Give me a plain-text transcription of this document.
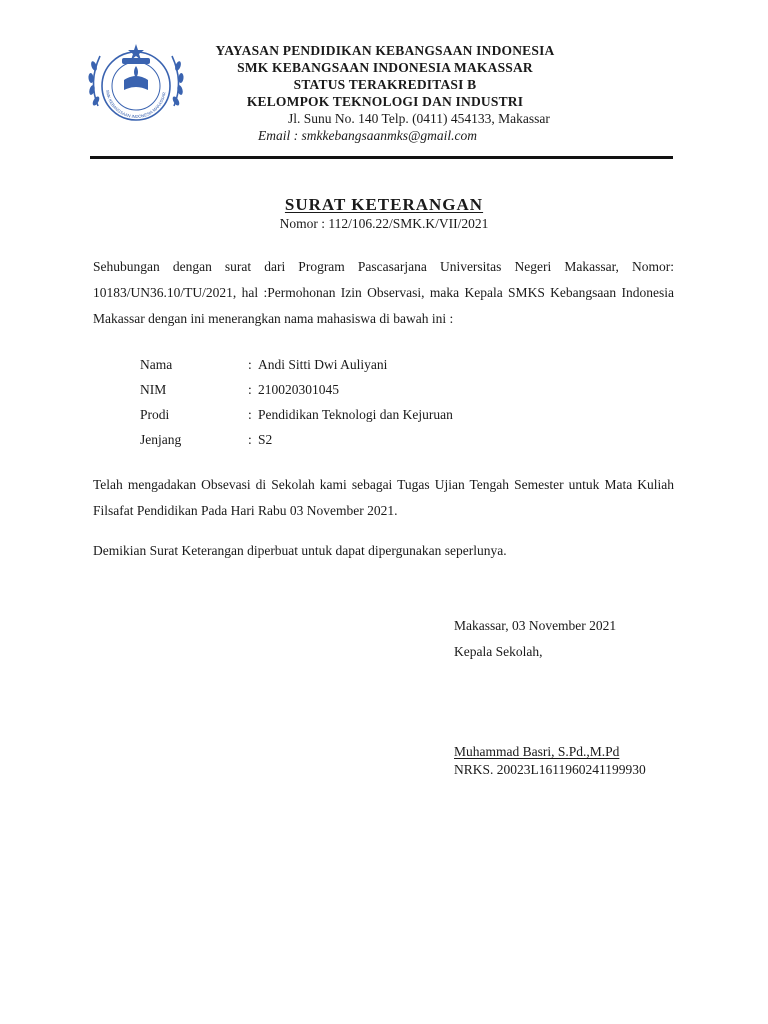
SMK KEBANGSAAN INDONESIA MAKASSAR
YAYASAN PENDIDIKAN KEBANGSAAN INDONESIA
SMK KEBANGSAAN INDONESIA MAKASSAR
STATUS TERAKREDITASI B
KELOMPOK TEKNOLOGI DAN INDUSTRI
Jl. Sunu No. 140 Telp. (0411) 454133, Makassar
Email : smkkebangsaanmks@gmail.com
SURAT KETERANGAN
Nomor : 112/106.22/SMK.K/VII/2021
Sehubungan dengan surat dari Program Pascasarjana Universitas Negeri Makassar, Nomor: 10183/UN36.10/TU/2021, hal :Permohonan Izin Observasi, maka Kepala SMKS Kebangsaan Indonesia Makassar dengan ini menerangkan nama mahasiswa di bawah ini :
Nama	: Andi Sitti Dwi Auliyani
NIM	: 210020301045
Prodi	: Pendidikan Teknologi dan Kejuruan
Jenjang	: S2
Telah mengadakan Obsevasi di Sekolah kami sebagai Tugas Ujian Tengah Semester untuk Mata Kuliah Filsafat Pendidikan Pada Hari Rabu 03 November 2021.
Demikian Surat Keterangan diperbuat untuk dapat dipergunakan seperlunya.
Makassar, 03 November 2021
Kepala Sekolah,
Muhammad Basri, S.Pd.,M.Pd
NRKS. 20023L1611960241199930
